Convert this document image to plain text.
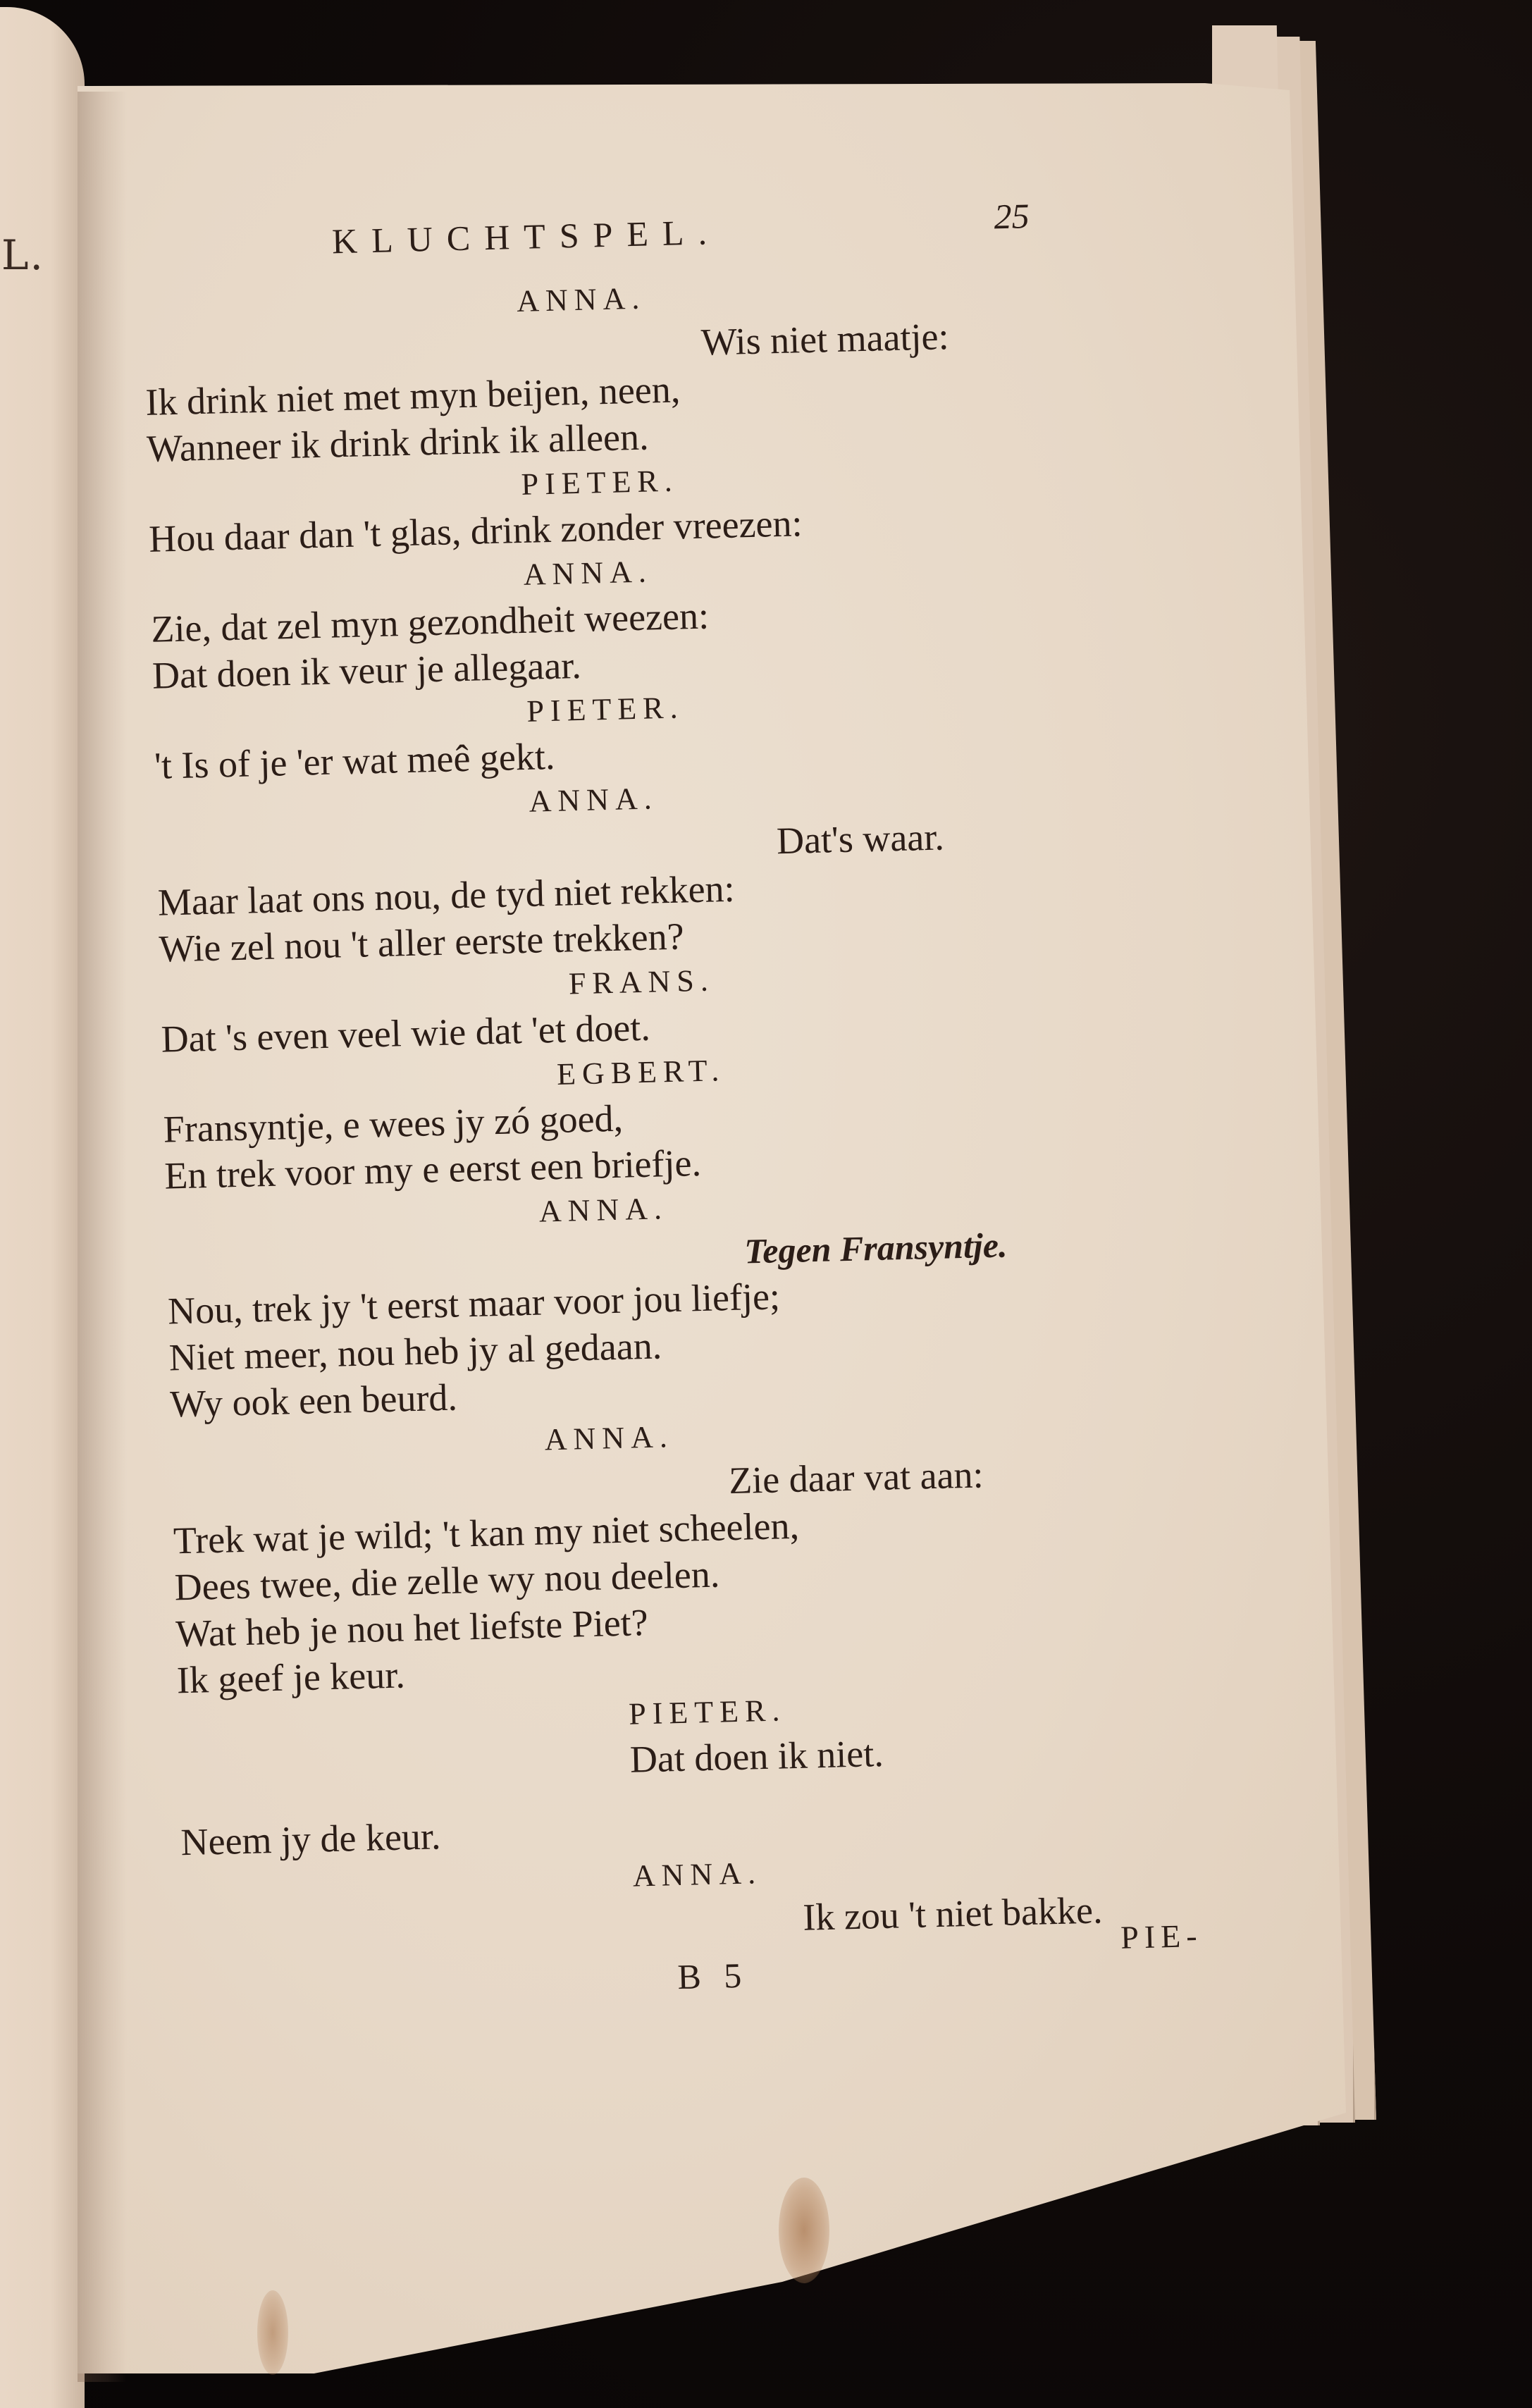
L.	KLUCHTSPEL.	25
ANNA.
Wis niet maatje:
Ik drink niet met myn beijen, neen,
Wanneer ik drink drink ik alleen.
PIETER.
Hou daar dan 't glas, drink zonder vreezen:
ANNA.
Zie, dat zel myn gezondheit weezen:
Dat doen ik veur je allegaar.
PIETER.
't Is of je 'er wat meê gekt.
ANNA.
Dat's waar.
Maar laat ons nou, de tyd niet rekken:
Wie zel nou 't aller eerste trekken?
FRANS.
Dat 's even veel wie dat 'et doet.
EGBERT.
Fransyntje, e wees jy zó goed,
En trek voor my e eerst een briefje.
ANNA.
Tegen Fransyntje.
Nou, trek jy 't eerst maar voor jou liefje;
Niet meer, nou heb jy al gedaan.
Wy ook een beurd.
ANNA.
Zie daar vat aan:
Trek wat je wild; 't kan my niet scheelen,
Dees twee, die zelle wy nou deelen.
Wat heb je nou het liefste Piet?
Ik geef je keur.
PIETER.
Dat doen ik niet.
Neem jy de keur.
ANNA.
Ik zou 't niet bakke.
B 5
PIE-
